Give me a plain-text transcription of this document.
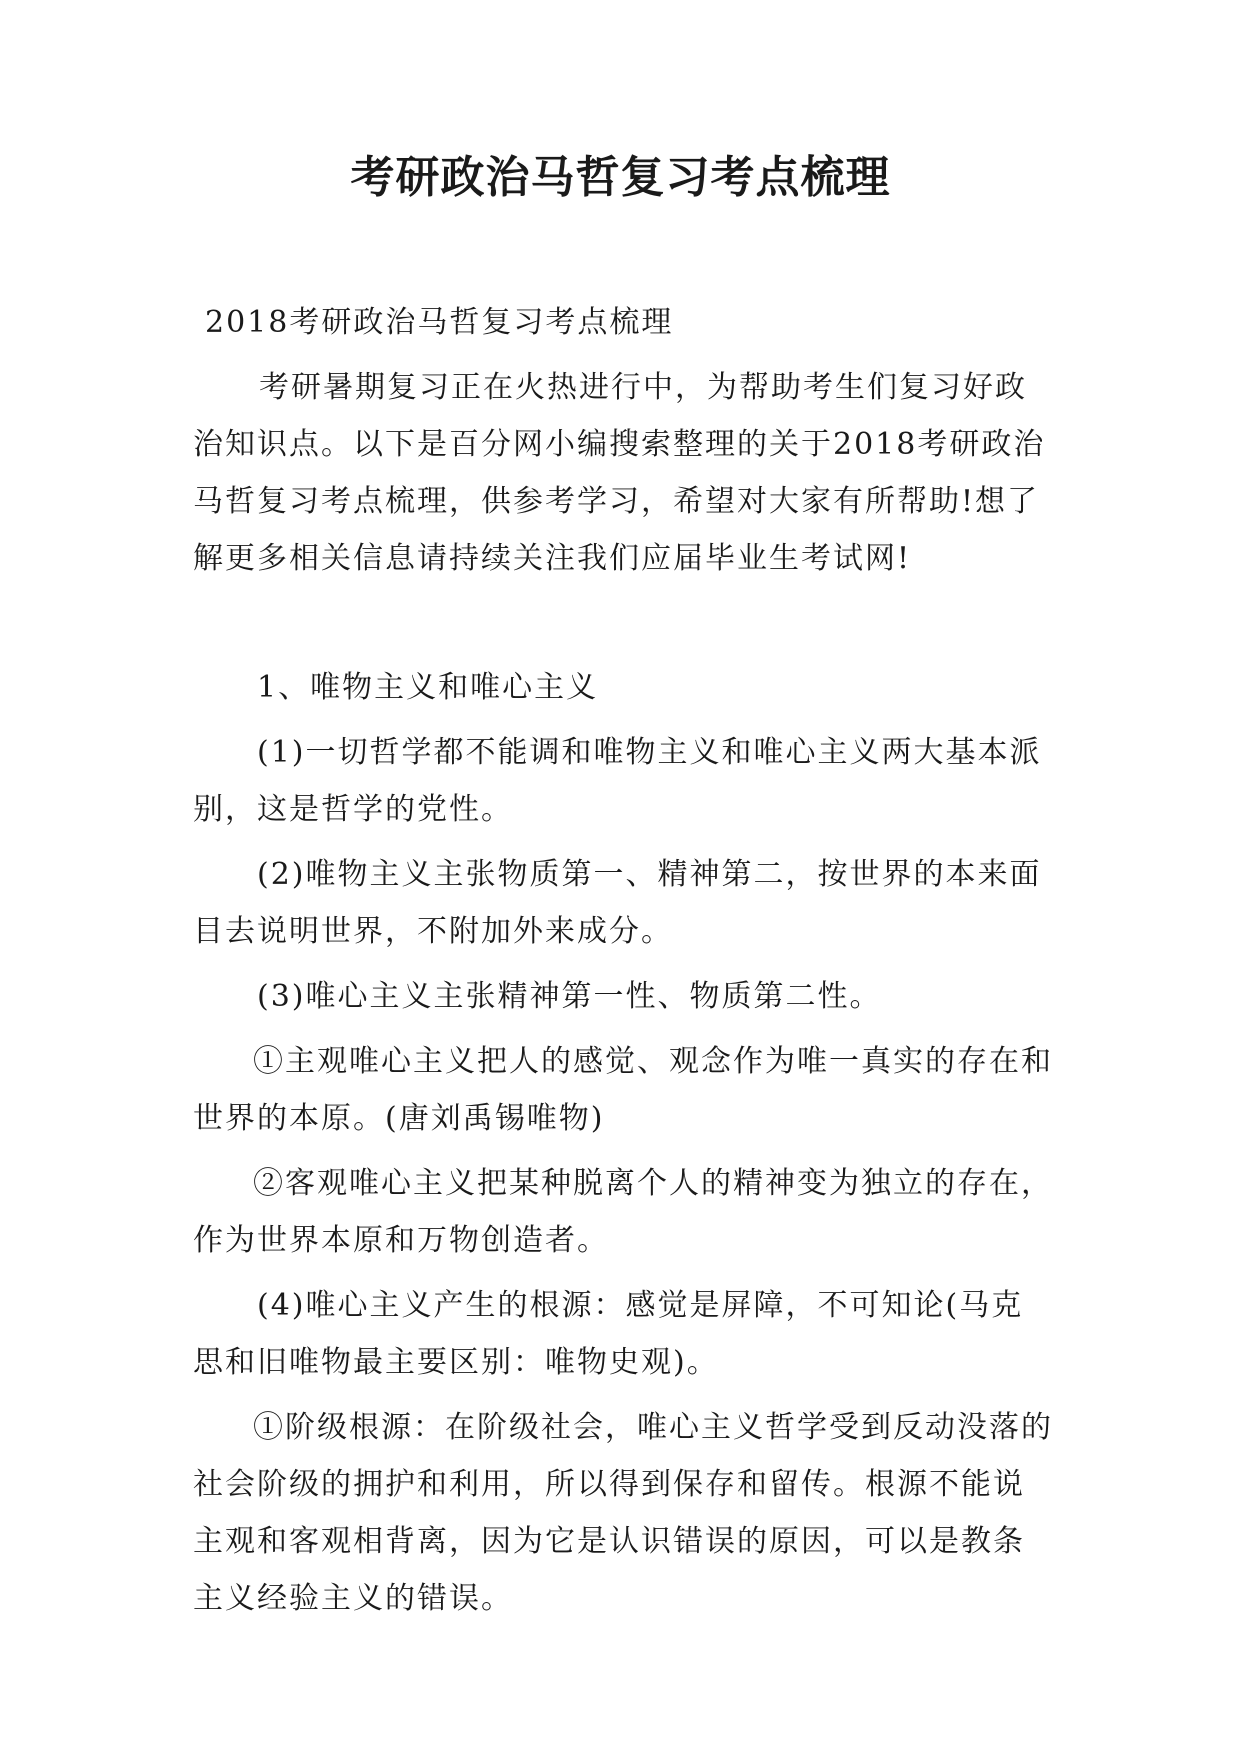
考研政治马哲复习考点梳理

2018考研政治马哲复习考点梳理

考研暑期复习正在火热进行中，为帮助考生们复习好政治知识点。以下是百分网小编搜索整理的关于2018考研政治马哲复习考点梳理，供参考学习，希望对大家有所帮助!想了解更多相关信息请持续关注我们应届毕业生考试网!

1、唯物主义和唯心主义

(1)一切哲学都不能调和唯物主义和唯心主义两大基本派别，这是哲学的党性。

(2)唯物主义主张物质第一、精神第二，按世界的本来面目去说明世界，不附加外来成分。

(3)唯心主义主张精神第一性、物质第二性。

①主观唯心主义把人的感觉、观念作为唯一真实的存在和世界的本原。(唐刘禹锡唯物)

②客观唯心主义把某种脱离个人的精神变为独立的存在，作为世界本原和万物创造者。

(4)唯心主义产生的根源：感觉是屏障，不可知论(马克思和旧唯物最主要区别：唯物史观)。

①阶级根源：在阶级社会，唯心主义哲学受到反动没落的社会阶级的拥护和利用，所以得到保存和留传。根源不能说主观和客观相背离，因为它是认识错误的原因，可以是教条主义经验主义的错误。
